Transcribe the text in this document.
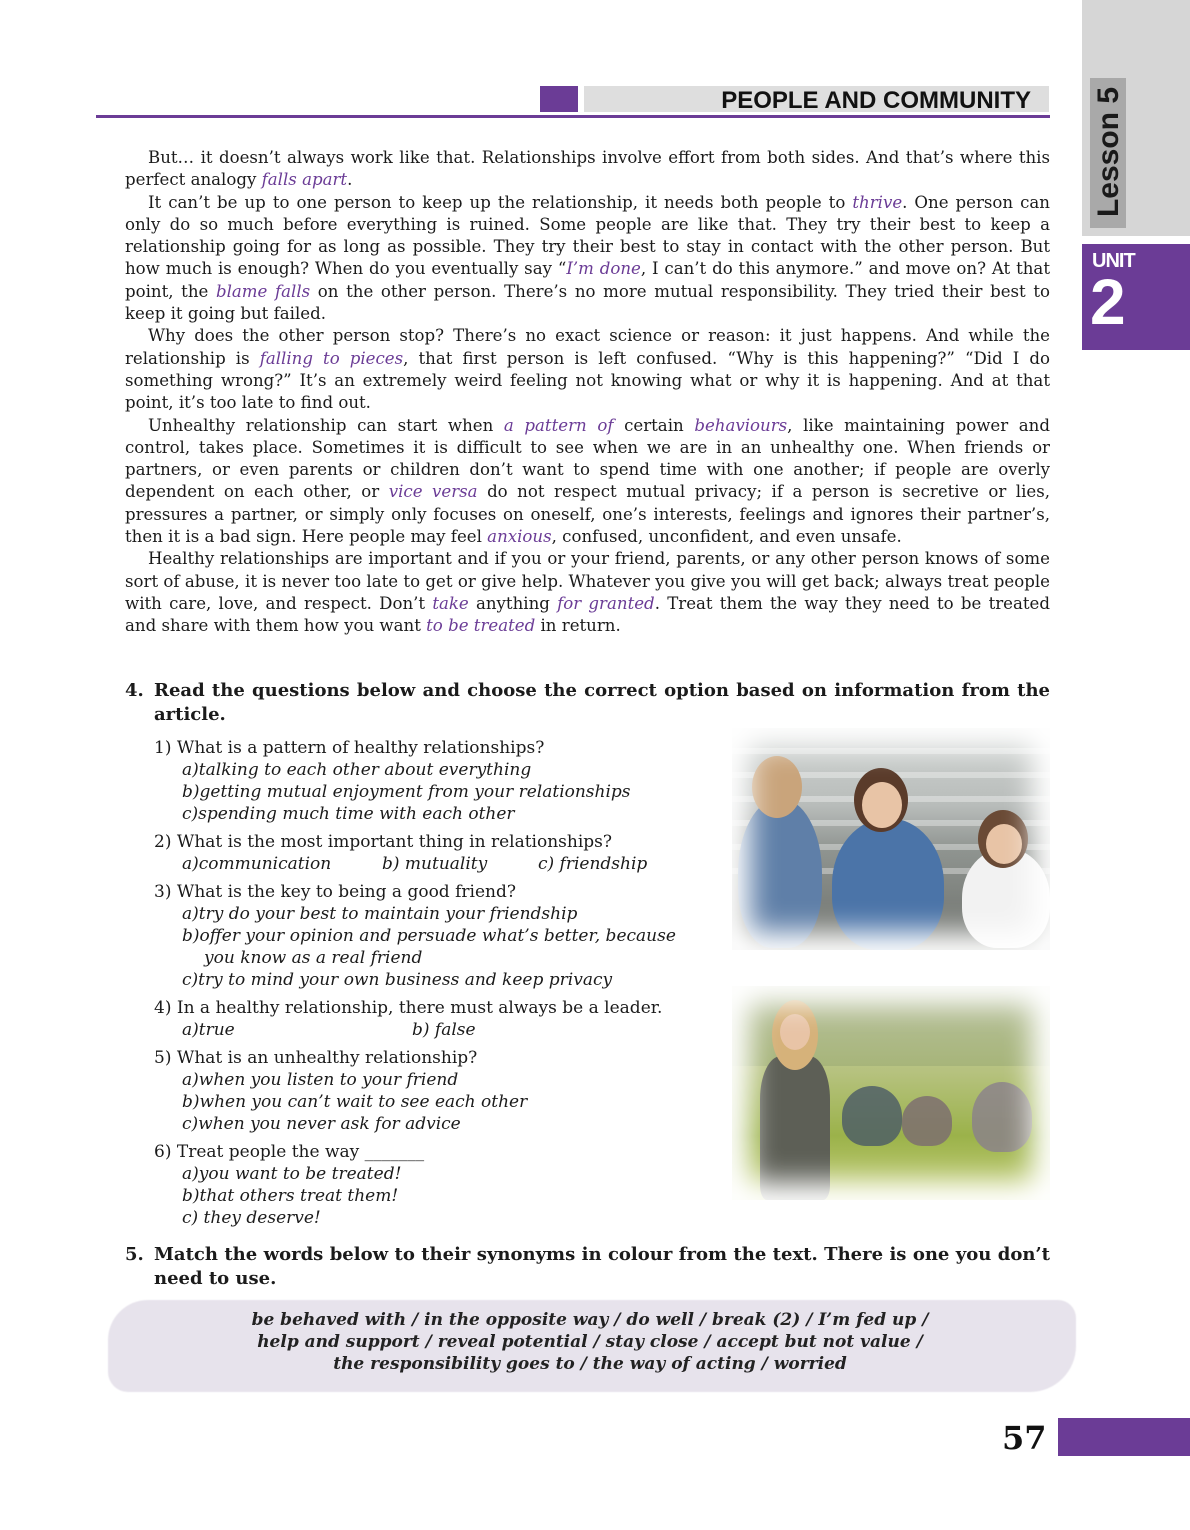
Lesson 5
UNIT
2
PEOPLE AND COMMUNITY

But… it doesn’t always work like that. Relationships involve effort from both sides. And that’s where this perfect analogy falls apart.

It can’t be up to one person to keep up the relationship, it needs both people to thrive. One person can only do so much before everything is ruined. Some people are like that. They try their best to keep a relationship going for as long as possible. They try their best to stay in contact with the other person. But how much is enough? When do you eventually say “I’m done, I can’t do this anymore.” and move on? At that point, the blame falls on the other person. There’s no more mutual responsibility. They tried their best to keep it going but failed.

Why does the other person stop? There’s no exact science or reason: it just happens. And while the relationship is falling to pieces, that first person is left confused. “Why is this happening?” “Did I do something wrong?” It’s an extremely weird feeling not knowing what or why it is happening. And at that point, it’s too late to find out.

Unhealthy relationship can start when a pattern of certain behaviours, like maintaining power and control, takes place. Sometimes it is difficult to see when we are in an unhealthy one. When friends or partners, or even parents or children don’t want to spend time with one another; if people are overly dependent on each other, or vice versa do not respect mutual privacy; if a person is secretive or lies, pressures a partner, or simply only focuses on oneself, one’s interests, feelings and ignores their partner’s, then it is a bad sign. Here people may feel anxious, confused, unconfident, and even unsafe.

Healthy relationships are important and if you or your friend, parents, or any other person knows of some sort of abuse, it is never too late to get or give help. Whatever you give you will get back; always treat people with care, love, and respect. Don’t take anything for granted. Treat them the way they need to be treated and share with them how you want to be treated in return.

4. Read the questions below and choose the correct option based on information from the article.
1) What is a pattern of healthy relationships?
a)talking to each other about everything
b)getting mutual enjoyment from your relationships
c)spending much time with each other
2) What is the most important thing in relationships?
a)communication	b) mutuality	c) friendship
3) What is the key to being a good friend?
a)try do your best to maintain your friendship
b)offer your opinion and persuade what’s better, because
you know as a real friend
c)try to mind your own business and keep privacy
4) In a healthy relationship, there must always be a leader.
a)true	b) false
5) What is an unhealthy relationship?
a)when you listen to your friend
b)when you can’t wait to see each other
c)when you never ask for advice
6) Treat people the way _______
a)you want to be treated!
b)that others treat them!
c) they deserve!
5. Match the words below to their synonyms in colour from the text. There is one you don’t need to use.
be behaved with / in the opposite way / do well / break (2) / I’m fed up /
help and support / reveal potential / stay close / accept but not value /
the responsibility goes to / the way of acting / worried
57
